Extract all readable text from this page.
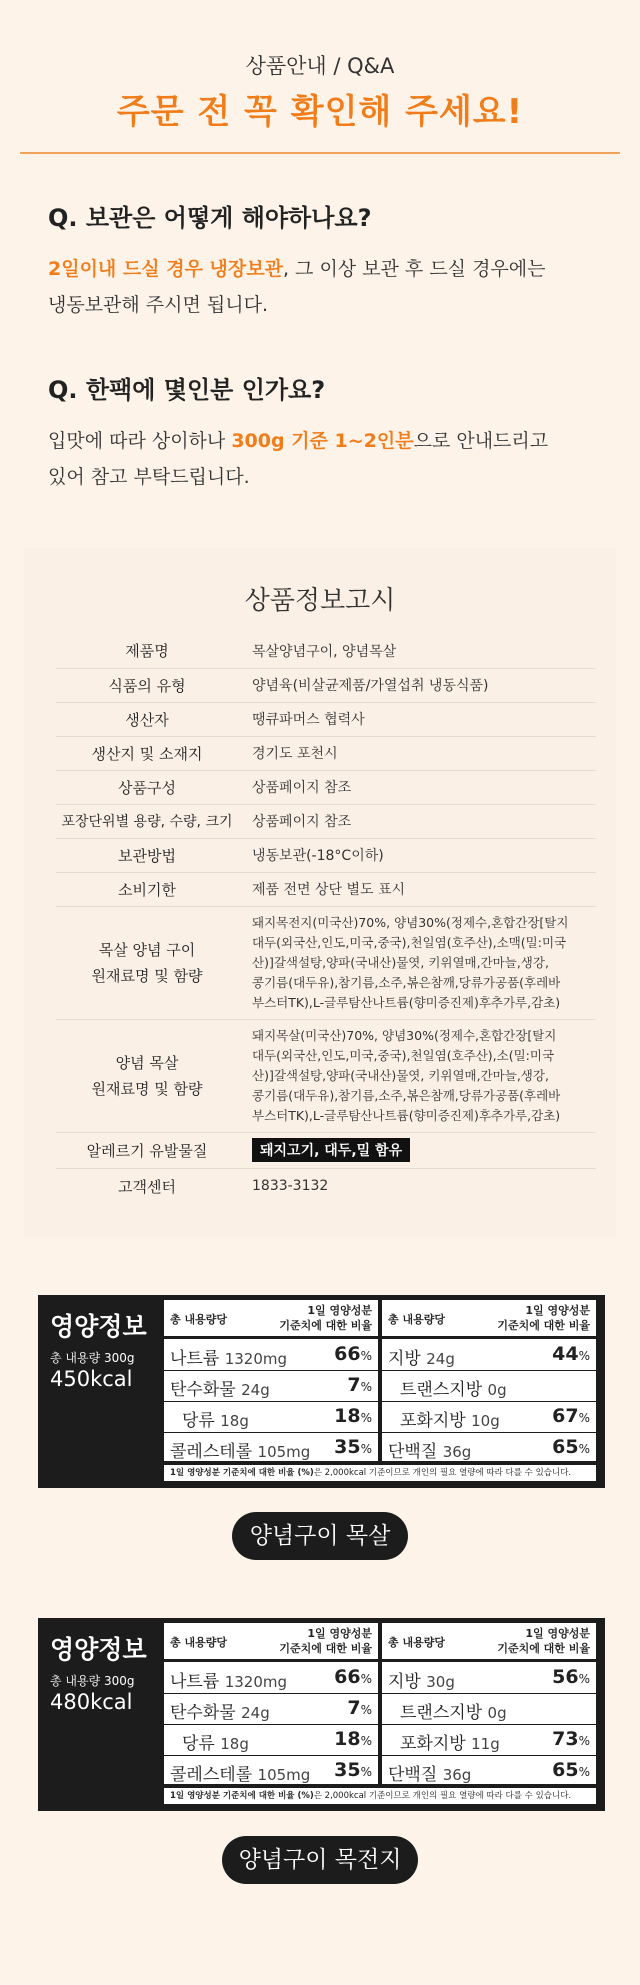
상품안내 / Q&A
주문 전 꼭 확인해 주세요!
Q. 보관은 어떻게 해야하나요?
2일이내 드실 경우 냉장보관, 그 이상 보관 후 드실 경우에는
냉동보관해 주시면 됩니다.
Q. 한팩에 몇인분 인가요?
입맛에 따라 상이하나 300g 기준 1~2인분으로 안내드리고
있어 참고 부탁드립니다.
상품정보고시
제품명	목살양념구이, 양념목살
식품의 유형	양념육(비살균제품/가열섭취 냉동식품)
생산자	땡큐파머스 협력사
생산지 및 소재지	경기도 포천시
상품구성	상품페이지 참조
포장단위별 용량, 수량, 크기	상품페이지 참조
보관방법	냉동보관(-18°C이하)
소비기한	제품 전면 상단 별도 표시
목살 양념 구이
원재료명 및 함량	돼지목전지(미국산)70%, 양념30%(정제수,혼합간장[탈지
대두(외국산,인도,미국,중국),천일염(호주산),소맥(밀:미국
산)]갈색설탕,양파(국내산)물엿, 키위열매,간마늘,생강,
콩기름(대두유),참기름,소주,볶은참깨,당류가공품(후레바
부스터TK),L-글루탐산나트륨(향미증진제)후추가루,감초)
양념 목살
원재료명 및 함량	돼지목살(미국산)70%, 양념30%(정제수,혼합간장[탈지
대두(외국산,인도,미국,중국),천일염(호주산),소(밀:미국
산)]갈색설탕,양파(국내산)물엿, 키위열매,간마늘,생강,
콩기름(대두유),참기름,소주,볶은참깨,당류가공품(후레바
부스터TK),L-글루탐산나트륨(향미증진제)후추가루,감초)
알레르기 유발물질	돼지고기, 대두,밀 함유
고객센터	1833-3132
영양정보
총 내용량 300g
450kcal
총 내용량당
1일 영양성분
기준치에 대한 비율
나트륨 1320mg 66%
탄수화물 24g	7%
당류 18g	18%
콜레스테롤 105mg 35%
총 내용량당
1일 영양성분
기준치에 대한 비율
지방 24g	44%
트랜스지방 0g
포화지방 10g	67%
단백질 36g	65%
1일 영양성분 기준치에 대한 비율 (%)은 2,000kcal 기준이므로 개인의 필요 열량에 따라 다를 수 있습니다.
양념구이 목살
영양정보
총 내용량 300g
480kcal
총 내용량당
1일 영양성분
기준치에 대한 비율
나트륨 1320mg 66%
탄수화물 24g	7%
당류 18g	18%
콜레스테롤 105mg 35%
총 내용량당
1일 영양성분
기준치에 대한 비율
지방 30g	56%
트랜스지방 0g
포화지방 11g	73%
단백질 36g	65%
1일 영양성분 기준치에 대한 비율 (%)은 2,000kcal 기준이므로 개인의 필요 열량에 따라 다를 수 있습니다.
양념구이 목전지
